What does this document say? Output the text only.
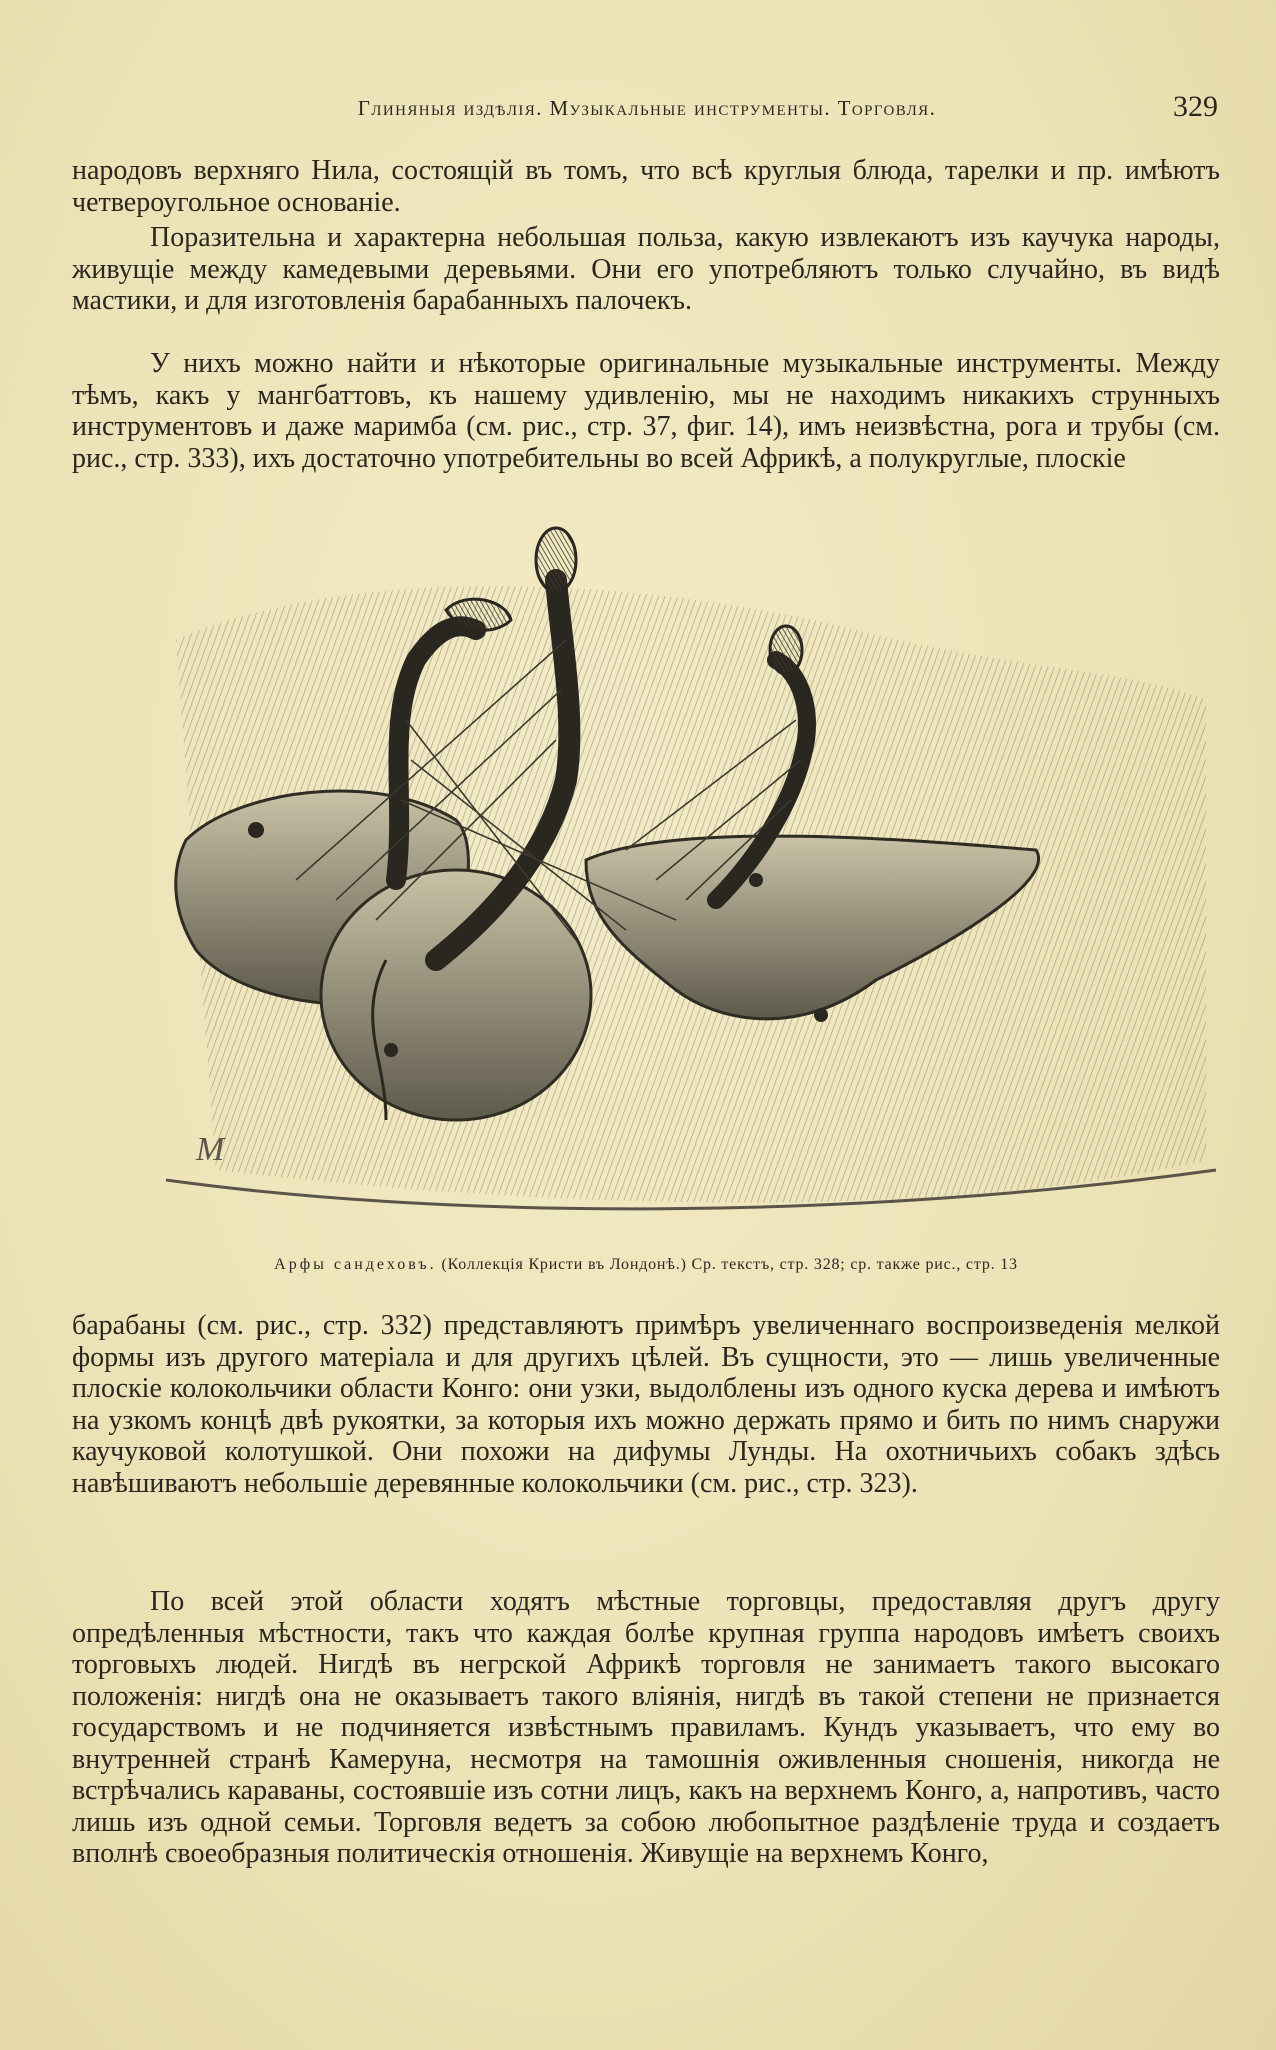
Глиняныя издѣлія. Музыкальные инструменты. Торговля.	329

народовъ верхняго Нила, состоящій въ томъ, что всѣ круглыя блюда, тарелки и пр. имѣютъ четвероугольное основаніе.

Поразительна и характерна небольшая польза, какую извлекаютъ изъ каучука народы, живущіе между камедевыми деревьями. Они его употребляютъ только случайно, въ видѣ мастики, и для изготовленія барабанныхъ палочекъ.

У нихъ можно найти и нѣкоторые оригинальные музыкальные инструменты. Между тѣмъ, какъ у мангбаттовъ, къ нашему удивленію, мы не находимъ никакихъ струнныхъ инструментовъ и даже маримба (см. рис., стр. 37, фиг. 14), имъ неизвѣстна, рога и трубы (см. рис., стр. 333), ихъ достаточно употребительны во всей Африкѣ, а полукруглые, плоскіе

M
Арфы сандеховъ. (Коллекція Кристи въ Лондонѣ.) Ср. текстъ, стр. 328; ср. также рис., стр. 13

барабаны (см. рис., стр. 332) представляютъ примѣръ увеличеннаго воспроизведенія мелкой формы изъ другого матеріала и для другихъ цѣлей. Въ сущности, это — лишь увеличенные плоскіе колокольчики области Конго: они узки, выдолблены изъ одного куска дерева и имѣютъ на узкомъ концѣ двѣ рукоятки, за которыя ихъ можно держать прямо и бить по нимъ снаружи каучуковой колотушкой. Они похожи на дифумы Лунды. На охотничьихъ собакъ здѣсь навѣшиваютъ небольшіе деревянные колокольчики (см. рис., стр. 323).

По всей этой области ходятъ мѣстные торговцы, предоставляя другъ другу опредѣленныя мѣстности, такъ что каждая болѣе крупная группа народовъ имѣетъ своихъ торговыхъ людей. Нигдѣ въ негрской Африкѣ торговля не занимаетъ такого высокаго положенія: нигдѣ она не оказываетъ такого вліянія, нигдѣ въ такой степени не признается государствомъ и не подчиняется извѣстнымъ правиламъ. Кундъ указываетъ, что ему во внутренней странѣ Камеруна, несмотря на тамошнія оживленныя сношенія, никогда не встрѣчались караваны, состоявшіе изъ сотни лицъ, какъ на верхнемъ Конго, а, напротивъ, часто лишь изъ одной семьи. Торговля ведетъ за собою любопытное раздѣленіе труда и создаетъ вполнѣ своеобразныя политическія отношенія. Живущіе на верхнемъ Конго,
